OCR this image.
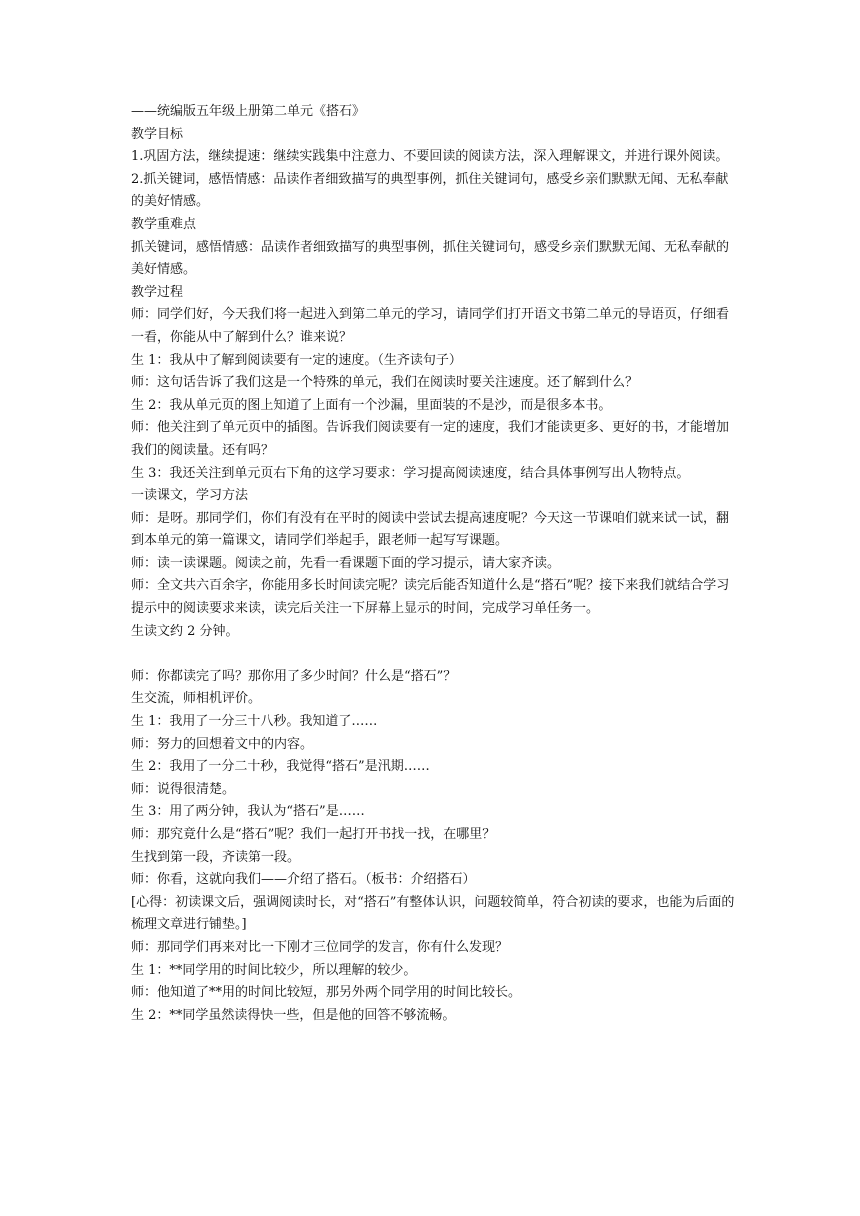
——统编版五年级上册第二单元《搭石》

教学目标

1.巩固方法，继续提速：继续实践集中注意力、不要回读的阅读方法，深入理解课文，并进行课外阅读。

2.抓关键词，感悟情感：品读作者细致描写的典型事例，抓住关键词句，感受乡亲们默默无闻、无私奉献的美好情感。

教学重难点

抓关键词，感悟情感：品读作者细致描写的典型事例，抓住关键词句，感受乡亲们默默无闻、无私奉献的美好情感。

教学过程

师：同学们好，今天我们将一起进入到第二单元的学习，请同学们打开语文书第二单元的导语页，仔细看一看，你能从中了解到什么？谁来说？

生 1：我从中了解到阅读要有一定的速度。（生齐读句子）

师：这句话告诉了我们这是一个特殊的单元，我们在阅读时要关注速度。还了解到什么？

生 2：我从单元页的图上知道了上面有一个沙漏，里面装的不是沙，而是很多本书。

师：他关注到了单元页中的插图。告诉我们阅读要有一定的速度，我们才能读更多、更好的书，才能增加我们的阅读量。还有吗？

生 3：我还关注到单元页右下角的这学习要求：学习提高阅读速度，结合具体事例写出人物特点。

一读课文，学习方法

师：是呀。那同学们，你们有没有在平时的阅读中尝试去提高速度呢？今天这一节课咱们就来试一试，翻到本单元的第一篇课文，请同学们举起手，跟老师一起写写课题。

师：读一读课题。阅读之前，先看一看课题下面的学习提示，请大家齐读。

师：全文共六百余字，你能用多长时间读完呢？读完后能否知道什么是“搭石”呢？接下来我们就结合学习提示中的阅读要求来读，读完后关注一下屏幕上显示的时间，完成学习单任务一。

生读文约 2 分钟。

师：你都读完了吗？那你用了多少时间？什么是“搭石”？

生交流，师相机评价。

生 1：我用了一分三十八秒。我知道了……

师：努力的回想着文中的内容。

生 2：我用了一分二十秒，我觉得“搭石”是汛期……

师：说得很清楚。

生 3：用了两分钟，我认为“搭石”是……

师：那究竟什么是“搭石”呢？我们一起打开书找一找，在哪里？

生找到第一段，齐读第一段。

师：你看，这就向我们——介绍了搭石。（板书：介绍搭石）

[心得：初读课文后，强调阅读时长，对“搭石”有整体认识，问题较简单，符合初读的要求，也能为后面的梳理文章进行铺垫。]

师：那同学们再来对比一下刚才三位同学的发言，你有什么发现？

生 1：**同学用的时间比较少，所以理解的较少。

师：他知道了**用的时间比较短，那另外两个同学用的时间比较长。

生 2：**同学虽然读得快一些，但是他的回答不够流畅。
